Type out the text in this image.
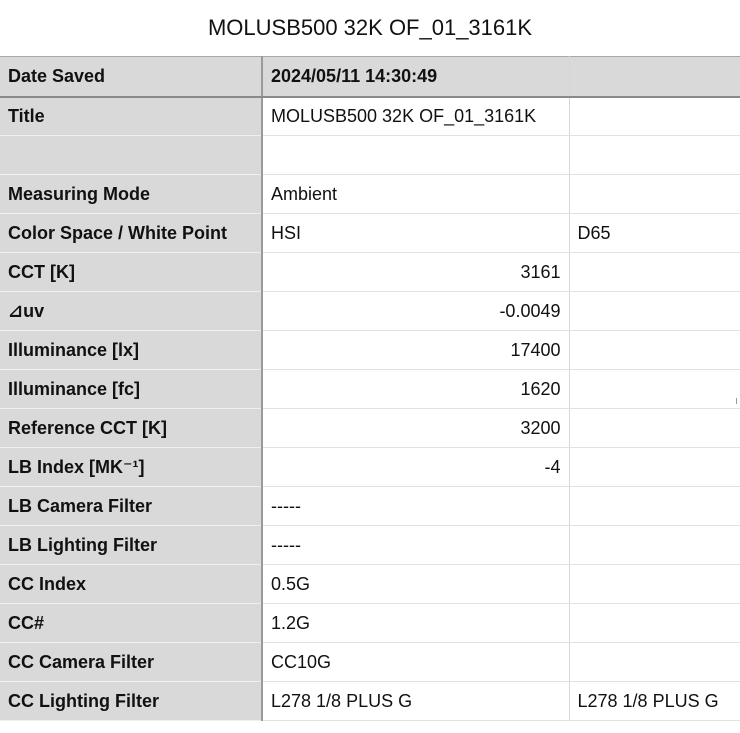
MOLUSB500 32K OF_01_3161K
Date Saved	2024/05/11 14:30:49	
Title	MOLUSB500 32K OF_01_3161K	

Measuring Mode	Ambient	
Color Space / White Point	HSI	D65
CCT [K]	3161	
⊿uv	-0.0049	
Illuminance [lx]	17400	
Illuminance [fc]	1620	
Reference CCT [K]	3200	
LB Index [MK⁻¹]	-4	
LB Camera Filter	-----	
LB Lighting Filter	-----	
CC Index	0.5G	
CC#	1.2G	
CC Camera Filter	CC10G	
CC Lighting Filter	L278 1/8 PLUS G	L278 1/8 PLUS G
